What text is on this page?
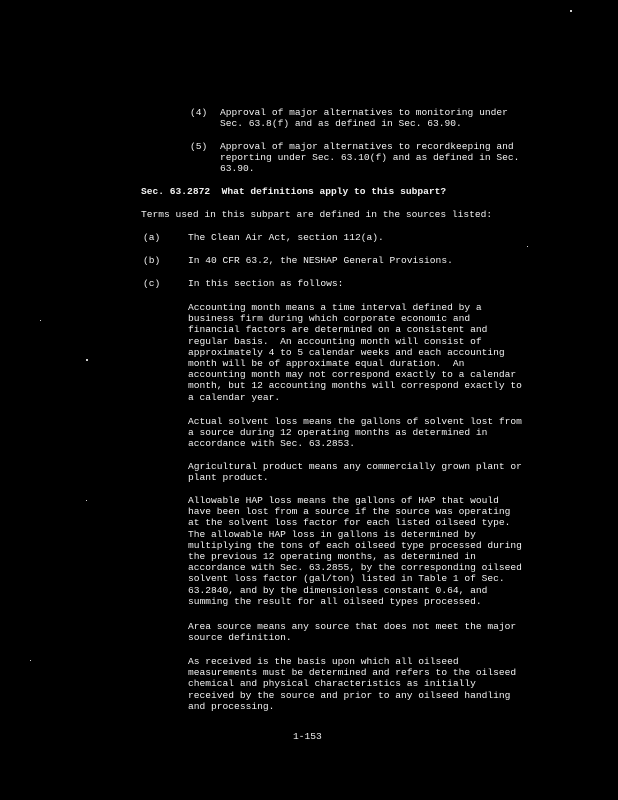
(4) Approval of major alternatives to monitoring under
Sec. 63.8(f) and as defined in Sec. 63.90.
(5) Approval of major alternatives to recordkeeping and
reporting under Sec. 63.10(f) and as defined in Sec.
63.90.
Sec. 63.2872  What definitions apply to this subpart?
Terms used in this subpart are defined in the sources listed:
(a)	The Clean Air Act, section 112(a).
(b)	In 40 CFR 63.2, the NESHAP General Provisions.
(c)	In this section as follows:
Accounting month means a time interval defined by a
business firm during which corporate economic and
financial factors are determined on a consistent and
regular basis.  An accounting month will consist of
approximately 4 to 5 calendar weeks and each accounting
month will be of approximate equal duration.  An
accounting month may not correspond exactly to a calendar
month, but 12 accounting months will correspond exactly to
a calendar year.
Actual solvent loss means the gallons of solvent lost from
a source during 12 operating months as determined in
accordance with Sec. 63.2853.
Agricultural product means any commercially grown plant or
plant product.
Allowable HAP loss means the gallons of HAP that would
have been lost from a source if the source was operating
at the solvent loss factor for each listed oilseed type.
The allowable HAP loss in gallons is determined by
multiplying the tons of each oilseed type processed during
the previous 12 operating months, as determined in
accordance with Sec. 63.2855, by the corresponding oilseed
solvent loss factor (gal/ton) listed in Table 1 of Sec.
63.2840, and by the dimensionless constant 0.64, and
summing the result for all oilseed types processed.
Area source means any source that does not meet the major
source definition.
As received is the basis upon which all oilseed
measurements must be determined and refers to the oilseed
chemical and physical characteristics as initially
received by the source and prior to any oilseed handling
and processing.
1-153
